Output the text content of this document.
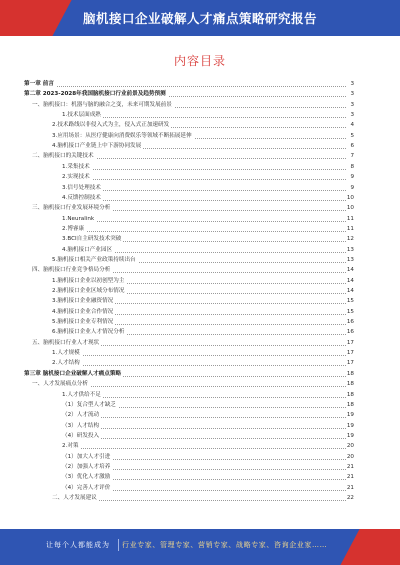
脑机接口企业破解人才痛点策略研究报告
内容目录
第一章 前言	3
第二章 2023-2028年我国脑机接口行业前景及趋势预测	3
一、脑机接口：机器与脑的融合之变，未来可期发展前景	3
1.技术层面成熟	3
2.技术路线以非侵入式为主，侵入式正加速研发	4
3.应用场景：从医疗健康向消费娱乐等领域不断拓展延伸	5
4.脑机接口产业链上中下游协同发展	6
二、脑机接口的关键技术	7
1.采集技术	8
2.实现技术	9
3.信号处理技术	9
4.反馈控制技术	10
三、脑机接口行业发展环境分析	10
1.Neuralink	11
2.博睿康	11
3.BCI自主研发技术突破	12
4.脑机接口产业园区	13
5.脑机接口相关产业政策持续出台	13
四、脑机接口行业竞争格局分析	14
1.脑机接口企业以初创型为主	14
2.脑机接口企业区域分布情况	14
3.脑机接口企业融资情况	15
4.脑机接口企业合作情况	15
5.脑机接口企业专利情况	16
6.脑机接口企业人才情况分析	16
五、脑机接口行业人才现状	17
1.人才规模	17
2.人才结构	17
第三章 脑机接口企业破解人才痛点策略	18
一、人才发展痛点分析	18
1.人才供给不足	18
（1）复合型人才缺乏	18
（2）人才流动	19
（3）人才结构	19
（4）研发投入	19
2.对策	20
（1）加大人才引进	20
（2）加强人才培养	21
（3）优化人才激励	21
（4）完善人才评价	21
二、人才发展建议	22
让每个人都能成为 行业专家、管理专家、营销专家、战略专家、咨询企业家……
